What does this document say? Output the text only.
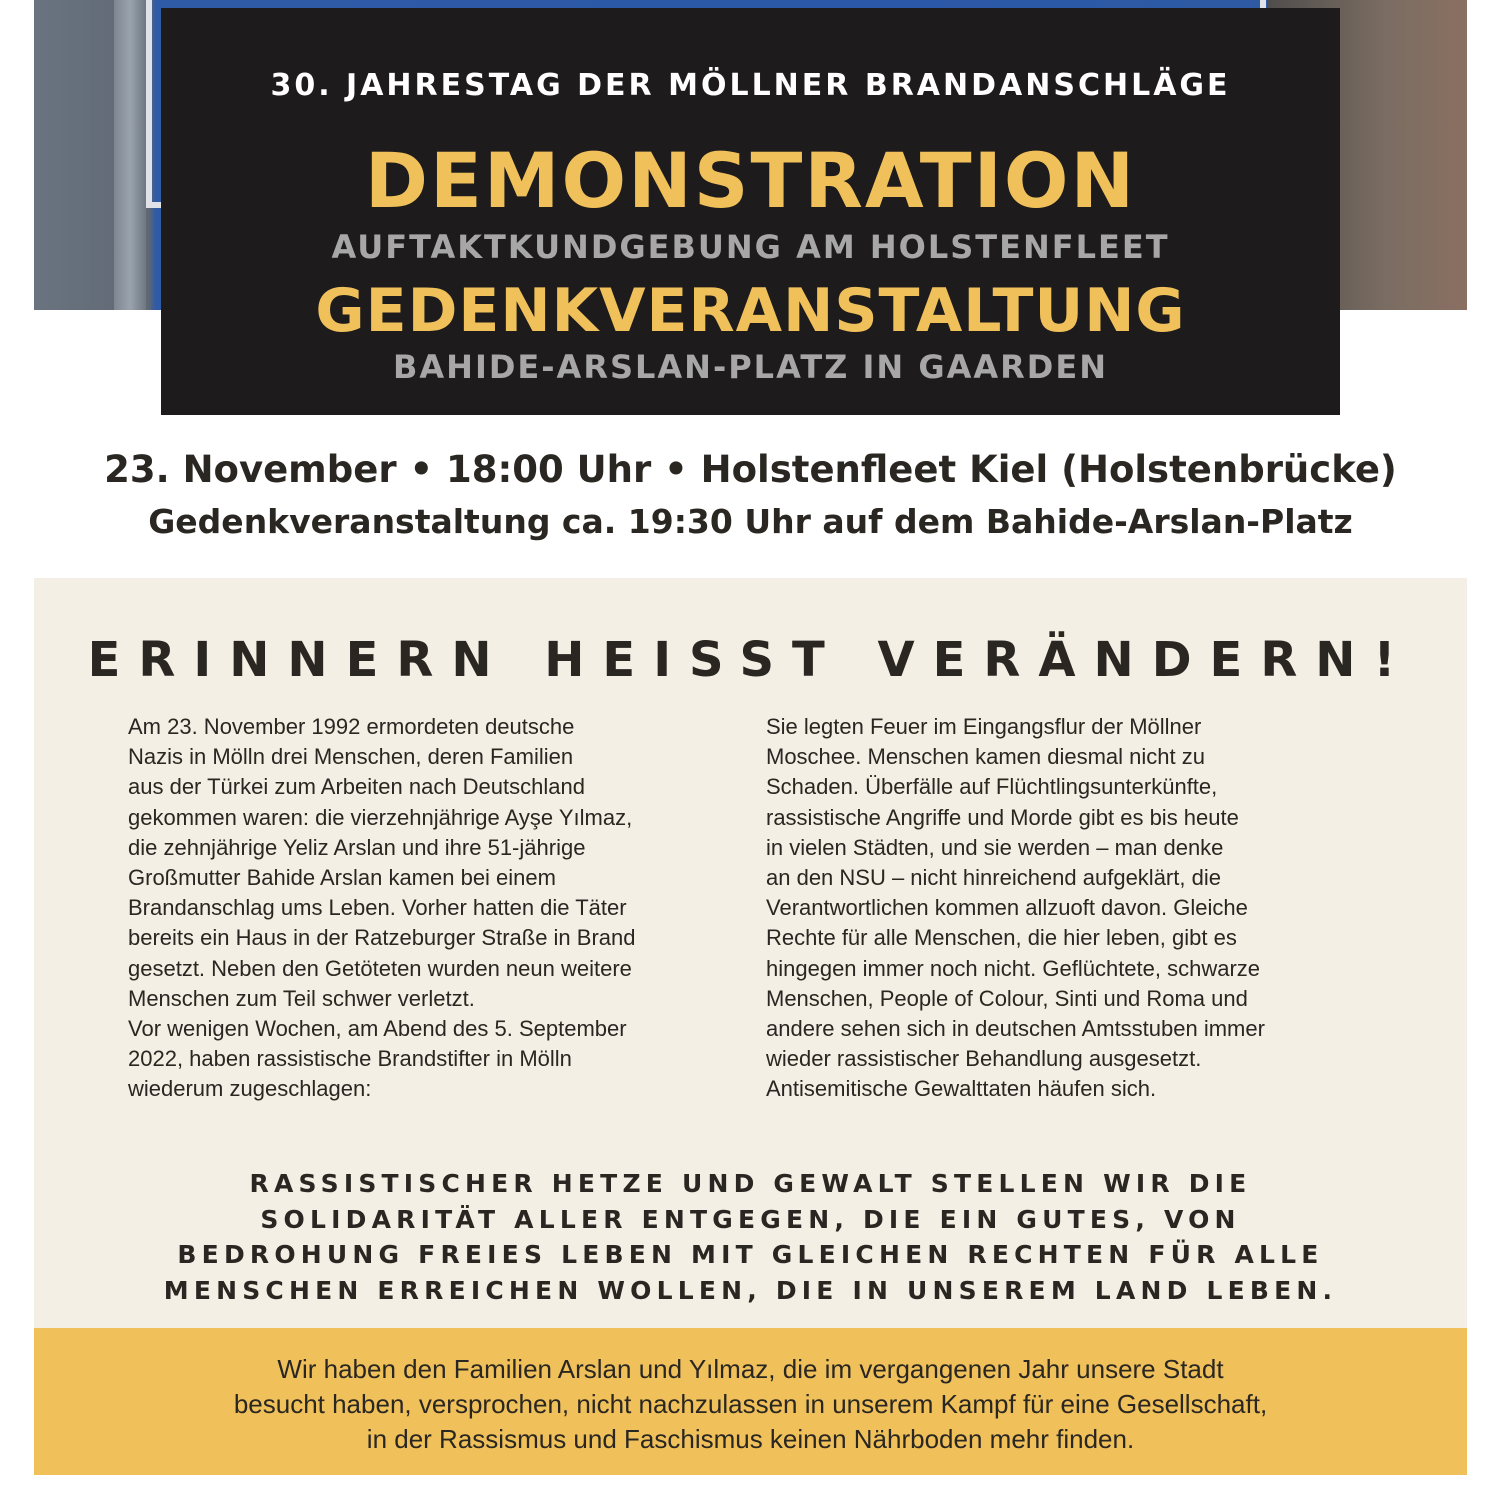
30. JAHRESTAG DER MÖLLNER BRANDANSCHLÄGE
DEMONSTRATION
AUFTAKTKUNDGEBUNG AM HOLSTENFLEET
GEDENKVERANSTALTUNG
BAHIDE-ARSLAN-PLATZ IN GAARDEN
23. November • 18:00 Uhr • Holstenfleet Kiel (Holstenbrücke)
Gedenkveranstaltung ca. 19:30 Uhr auf dem Bahide-Arslan-Platz
ERINNERN HEISST VERÄNDERN!

Am 23. November 1992 ermordeten deutsche
Nazis in Mölln drei Menschen, deren Familien
aus der Türkei zum Arbeiten nach Deutschland
gekommen waren: die vierzehnjährige Ayşe Yılmaz,
die zehnjährige Yeliz Arslan und ihre 51-jährige
Großmutter Bahide Arslan kamen bei einem
Brandanschlag ums Leben. Vorher hatten die Täter
bereits ein Haus in der Ratzeburger Straße in Brand
gesetzt. Neben den Getöteten wurden neun weitere
Menschen zum Teil schwer verletzt.
Vor wenigen Wochen, am Abend des 5. September
2022, haben rassistische Brandstifter in Mölln
wiederum zugeschlagen:

Sie legten Feuer im Eingangsflur der Möllner
Moschee. Menschen kamen diesmal nicht zu
Schaden. Überfälle auf Flüchtlingsunterkünfte,
rassistische Angriffe und Morde gibt es bis heute
in vielen Städten, und sie werden – man denke
an den NSU – nicht hinreichend aufgeklärt, die
Verantwortlichen kommen allzuoft davon. Gleiche
Rechte für alle Menschen, die hier leben, gibt es
hingegen immer noch nicht. Geflüchtete, schwarze
Menschen, People of Colour, Sinti und Roma und
andere sehen sich in deutschen Amtsstuben immer
wieder rassistischer Behandlung ausgesetzt.
Antisemitische Gewalttaten häufen sich.

RASSISTISCHER HETZE UND GEWALT STELLEN WIR DIE
SOLIDARITÄT ALLER ENTGEGEN, DIE EIN GUTES, VON
BEDROHUNG FREIES LEBEN MIT GLEICHEN RECHTEN FÜR ALLE
MENSCHEN ERREICHEN WOLLEN, DIE IN UNSEREM LAND LEBEN.
Wir haben den Familien Arslan und Yılmaz, die im vergangenen Jahr unsere Stadt
besucht haben, versprochen, nicht nachzulassen in unserem Kampf für eine Gesellschaft,
in der Rassismus und Faschismus keinen Nährboden mehr finden.
